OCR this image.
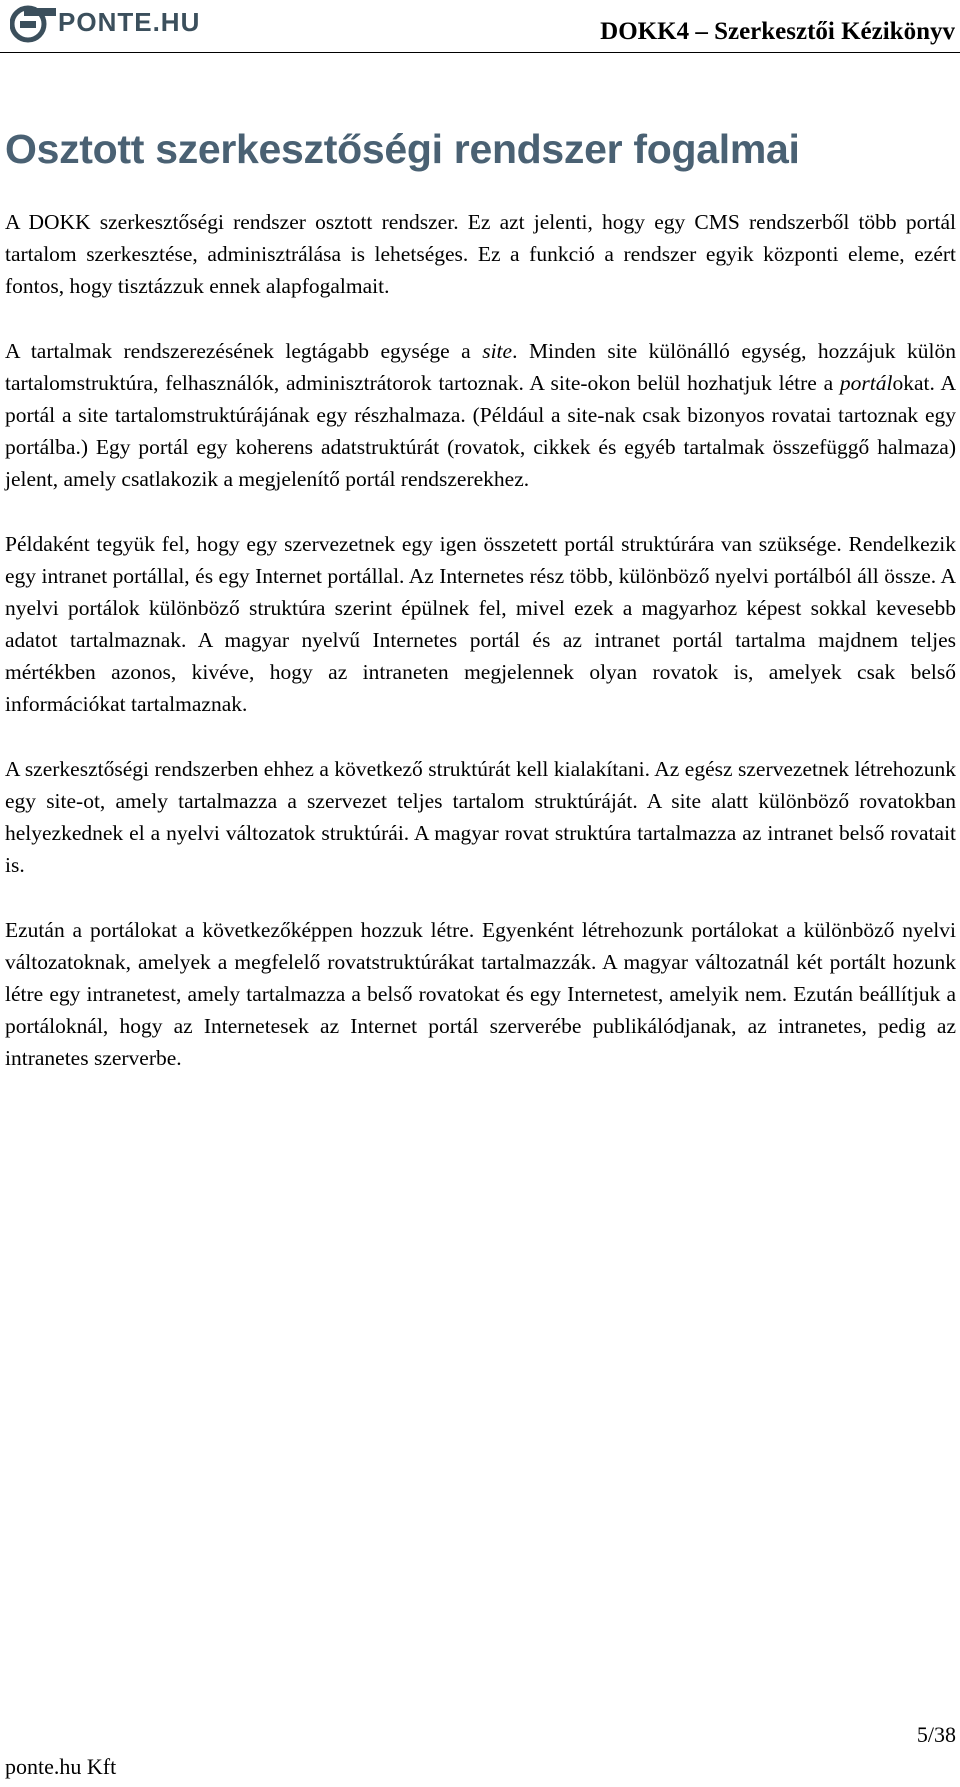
PONTE.HU	DOKK4 – Szerkesztői Kézikönyv
Osztott szerkesztőségi rendszer fogalmai

A DOKK szerkesztőségi rendszer osztott rendszer. Ez azt jelenti, hogy egy CMS rendszerből több portál tartalom szerkesztése, adminisztrálása is lehetséges. Ez a funkció a rendszer egyik központi eleme, ezért fontos, hogy tisztázzuk ennek alapfogalmait.

A tartalmak rendszerezésének legtágabb egysége a site. Minden site különálló egység, hozzájuk külön tartalomstruktúra, felhasználók, adminisztrátorok tartoznak. A site-okon belül hozhatjuk létre a portálokat. A portál a site tartalomstruktúrájának egy részhalmaza. (Például a site-nak csak bizonyos rovatai tartoznak egy portálba.) Egy portál egy koherens adatstruktúrát (rovatok, cikkek és egyéb tartalmak összefüggő halmaza) jelent, amely csatlakozik a megjelenítő portál rendszerekhez.

Példaként tegyük fel, hogy egy szervezetnek egy igen összetett portál struktúrára van szüksége. Rendelkezik egy intranet portállal, és egy Internet portállal. Az Internetes rész több, különböző nyelvi portálból áll össze. A nyelvi portálok különböző struktúra szerint épülnek fel, mivel ezek a magyarhoz képest sokkal kevesebb adatot tartalmaznak. A magyar nyelvű Internetes portál és az intranet portál tartalma majdnem teljes mértékben azonos, kivéve, hogy az intraneten megjelennek olyan rovatok is, amelyek csak belső információkat tartalmaznak.

A szerkesztőségi rendszerben ehhez a következő struktúrát kell kialakítani. Az egész szervezetnek létrehozunk egy site-ot, amely tartalmazza a szervezet teljes tartalom struktúráját. A site alatt különböző rovatokban helyezkednek el a nyelvi változatok struktúrái. A magyar rovat struktúra tartalmazza az intranet belső rovatait is.

Ezután a portálokat a következőképpen hozzuk létre. Egyenként létrehozunk portálokat a különböző nyelvi változatoknak, amelyek a megfelelő rovatstruktúrákat tartalmazzák. A magyar változatnál két portált hozunk létre egy intranetest, amely tartalmazza a belső rovatokat és egy Internetest, amelyik nem. Ezután beállítjuk a portáloknál, hogy az Internetesek az Internet portál szerverébe publikálódjanak, az intranetes, pedig az intranetes szerverbe.

5/38
ponte.hu Kft
